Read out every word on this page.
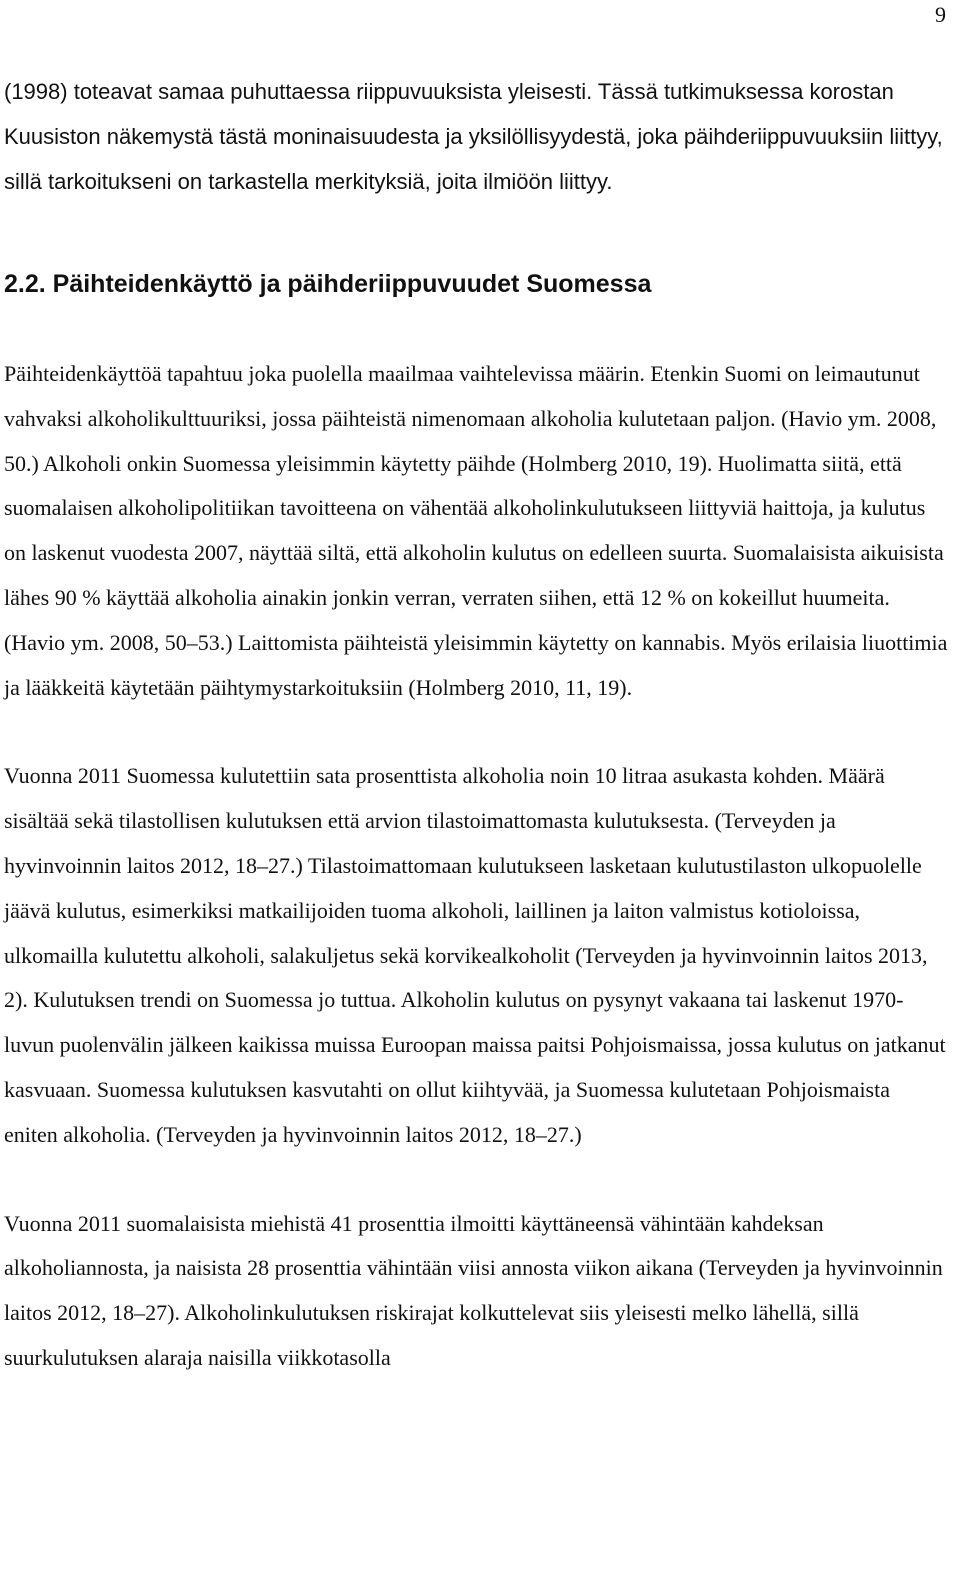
9

(1998) toteavat samaa puhuttaessa riippuvuuksista yleisesti. Tässä tutkimuksessa korostan Kuusiston näkemystä tästä moninaisuudesta ja yksilöllisyydestä, joka päihderiippuvuuksiin liittyy, sillä tarkoitukseni on tarkastella merkityksiä, joita ilmiöön liittyy.

2.2. Päihteidenkäyttö ja päihderiippuvuudet Suomessa

Päihteidenkäyttöä tapahtuu joka puolella maailmaa vaihtelevissa määrin. Etenkin Suomi on leimautunut vahvaksi alkoholikulttuuriksi, jossa päihteistä nimenomaan alkoholia kulutetaan paljon. (Havio ym. 2008, 50.) Alkoholi onkin Suomessa yleisimmin käytetty päihde (Holmberg 2010, 19). Huolimatta siitä, että suomalaisen alkoholipolitiikan tavoitteena on vähentää alkoholinkulutukseen liittyviä haittoja, ja kulutus on laskenut vuodesta 2007, näyttää siltä, että alkoholin kulutus on edelleen suurta. Suomalaisista aikuisista lähes 90 % käyttää alkoholia ainakin jonkin verran, verraten siihen, että 12 % on kokeillut huumeita. (Havio ym. 2008, 50–53.) Laittomista päihteistä yleisimmin käytetty on kannabis. Myös erilaisia liuottimia ja lääkkeitä käytetään päihtymystarkoituksiin (Holmberg 2010, 11, 19).

Vuonna 2011 Suomessa kulutettiin sata prosenttista alkoholia noin 10 litraa asukasta kohden. Määrä sisältää sekä tilastollisen kulutuksen että arvion tilastoimattomasta kulutuksesta. (Terveyden ja hyvinvoinnin laitos 2012, 18–27.) Tilastoimattomaan kulutukseen lasketaan kulutustilaston ulkopuolelle jäävä kulutus, esimerkiksi matkailijoiden tuoma alkoholi, laillinen ja laiton valmistus kotioloissa, ulkomailla kulutettu alkoholi, salakuljetus sekä korvikealkoholit (Terveyden ja hyvinvoinnin laitos 2013, 2). Kulutuksen trendi on Suomessa jo tuttua. Alkoholin kulutus on pysynyt vakaana tai laskenut 1970-luvun puolenvälin jälkeen kaikissa muissa Euroopan maissa paitsi Pohjoismaissa, jossa kulutus on jatkanut kasvuaan. Suomessa kulutuksen kasvutahti on ollut kiihtyvää, ja Suomessa kulutetaan Pohjoismaista eniten alkoholia. (Terveyden ja hyvinvoinnin laitos 2012, 18–27.)

Vuonna 2011 suomalaisista miehistä 41 prosenttia ilmoitti käyttäneensä vähintään kahdeksan alkoholiannosta, ja naisista 28 prosenttia vähintään viisi annosta viikon aikana (Terveyden ja hyvinvoinnin laitos 2012, 18–27). Alkoholinkulutuksen riskirajat kolkuttelevat siis yleisesti melko lähellä, sillä suurkulutuksen alaraja naisilla viikkotasolla
